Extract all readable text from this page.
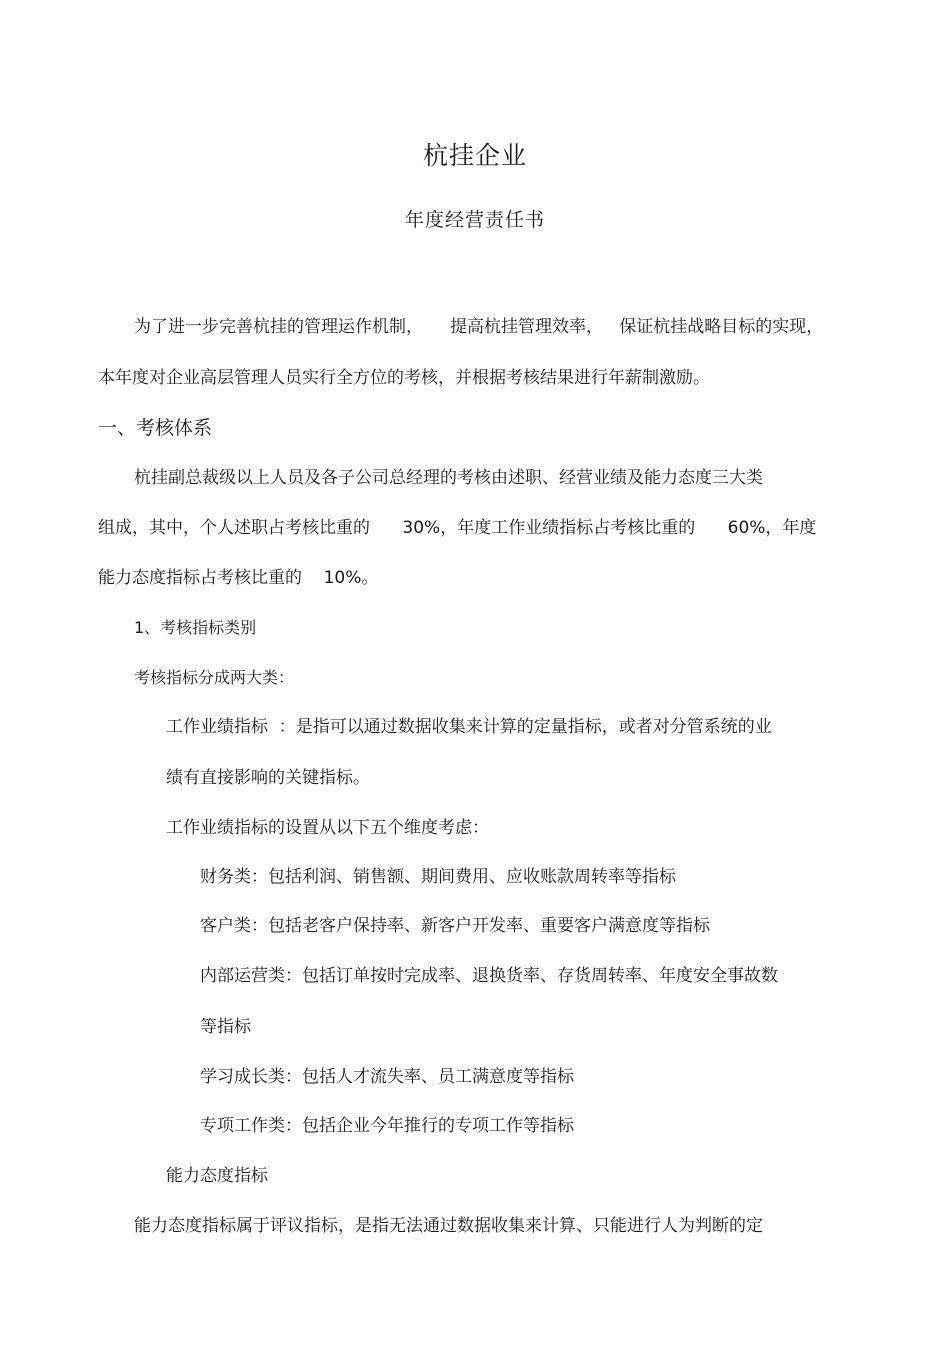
杭挂企业
年度经营责任书
为了进一步完善杭挂的管理运作机制，     提高杭挂管理效率，   保证杭挂战略目标的实现，
本年度对企业高层管理人员实行全方位的考核，并根据考核结果进行年薪制激励。
一、考核体系
杭挂副总裁级以上人员及各子公司总经理的考核由述职、经营业绩及能力态度三大类
组成，其中，个人述职占考核比重的      30%，年度工作业绩指标占考核比重的      60%，年度
能力态度指标占考核比重的    10%。
1、考核指标类别
考核指标分成两大类：
工作业绩指标  ：是指可以通过数据收集来计算的定量指标，或者对分管系统的业
绩有直接影响的关键指标。
工作业绩指标的设置从以下五个维度考虑：
财务类：包括利润、销售额、期间费用、应收账款周转率等指标
客户类：包括老客户保持率、新客户开发率、重要客户满意度等指标
内部运营类：包括订单按时完成率、退换货率、存货周转率、年度安全事故数
等指标
学习成长类：包括人才流失率、员工满意度等指标
专项工作类：包括企业今年推行的专项工作等指标
能力态度指标
能力态度指标属于评议指标，是指无法通过数据收集来计算、只能进行人为判断的定
